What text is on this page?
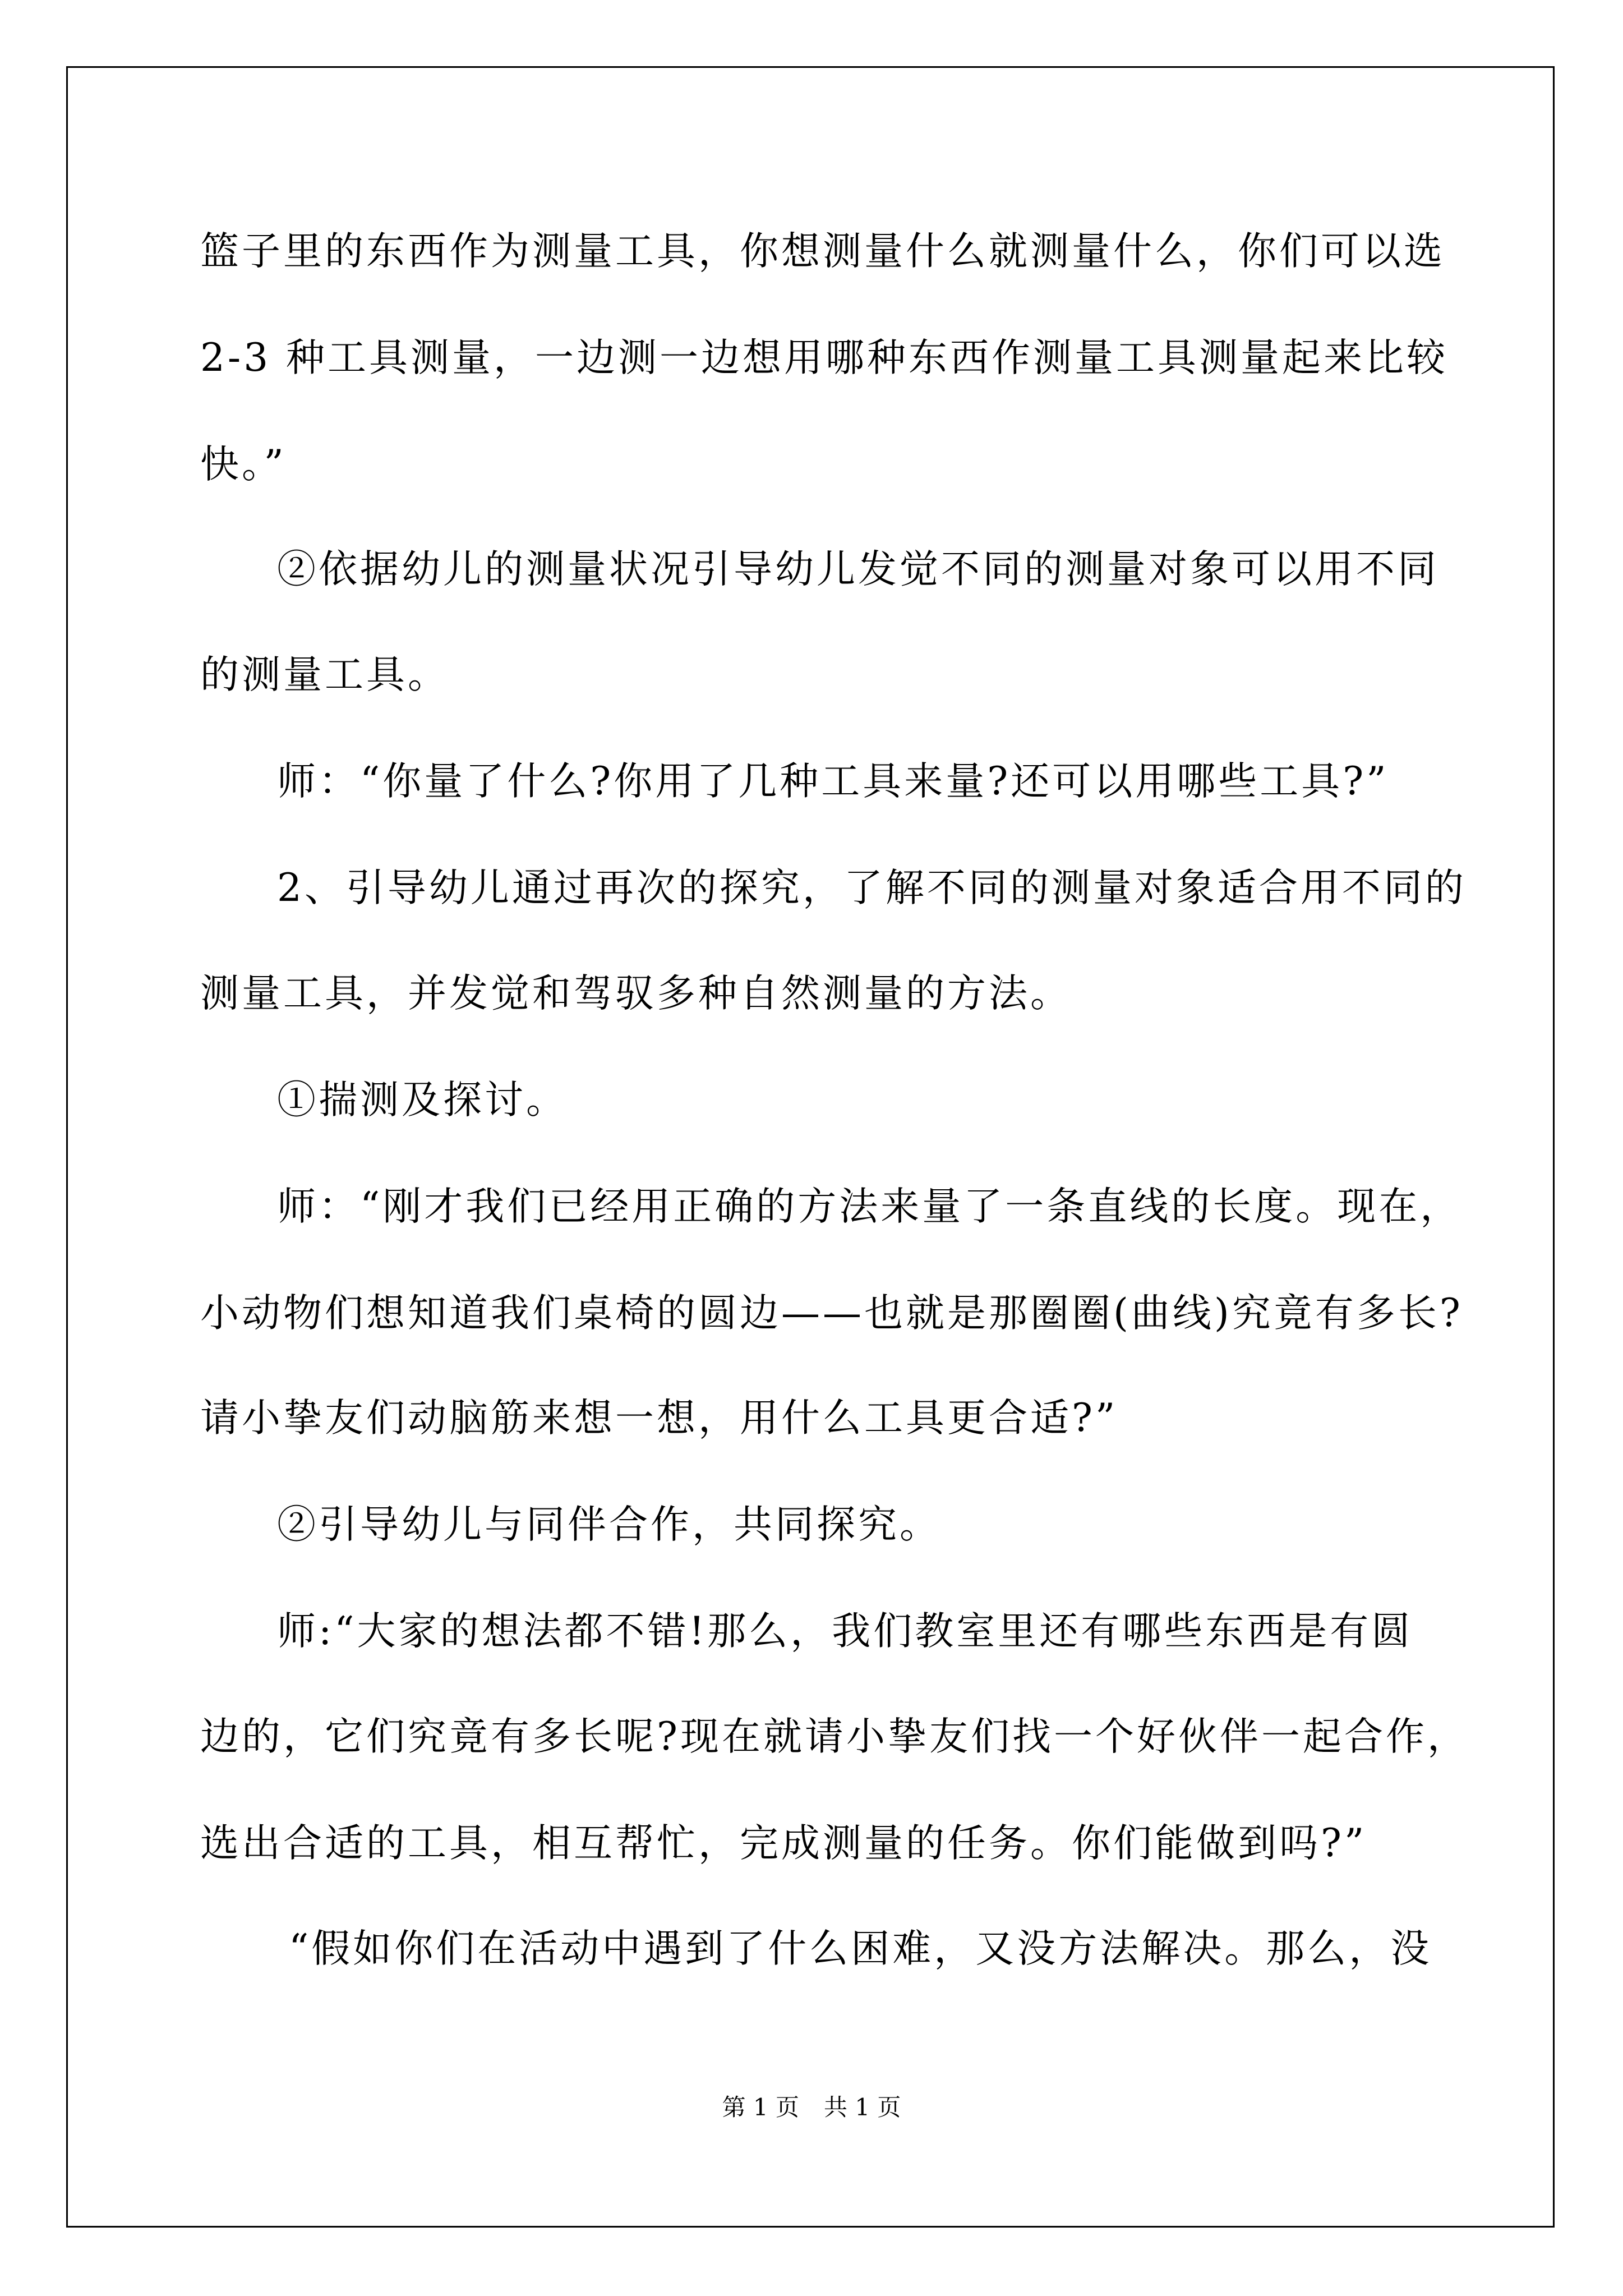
篮子里的东西作为测量工具，你想测量什么就测量什么，你们可以选
2-3 种工具测量，一边测一边想用哪种东西作测量工具测量起来比较
快。”
②依据幼儿的测量状况引导幼儿发觉不同的测量对象可以用不同
的测量工具。
师：“你量了什么?你用了几种工具来量?还可以用哪些工具?”
2、引导幼儿通过再次的探究，了解不同的测量对象适合用不同的
测量工具，并发觉和驾驭多种自然测量的方法。
①揣测及探讨。
师：“刚才我们已经用正确的方法来量了一条直线的长度。现在，
小动物们想知道我们桌椅的圆边——也就是那圈圈(曲线)究竟有多长?
请小挚友们动脑筋来想一想，用什么工具更合适?”
②引导幼儿与同伴合作，共同探究。
师:“大家的想法都不错!那么，我们教室里还有哪些东西是有圆
边的，它们究竟有多长呢?现在就请小挚友们找一个好伙伴一起合作，
选出合适的工具，相互帮忙，完成测量的任务。你们能做到吗?”
“假如你们在活动中遇到了什么困难，又没方法解决。那么，没
第 1 页 共 1 页
